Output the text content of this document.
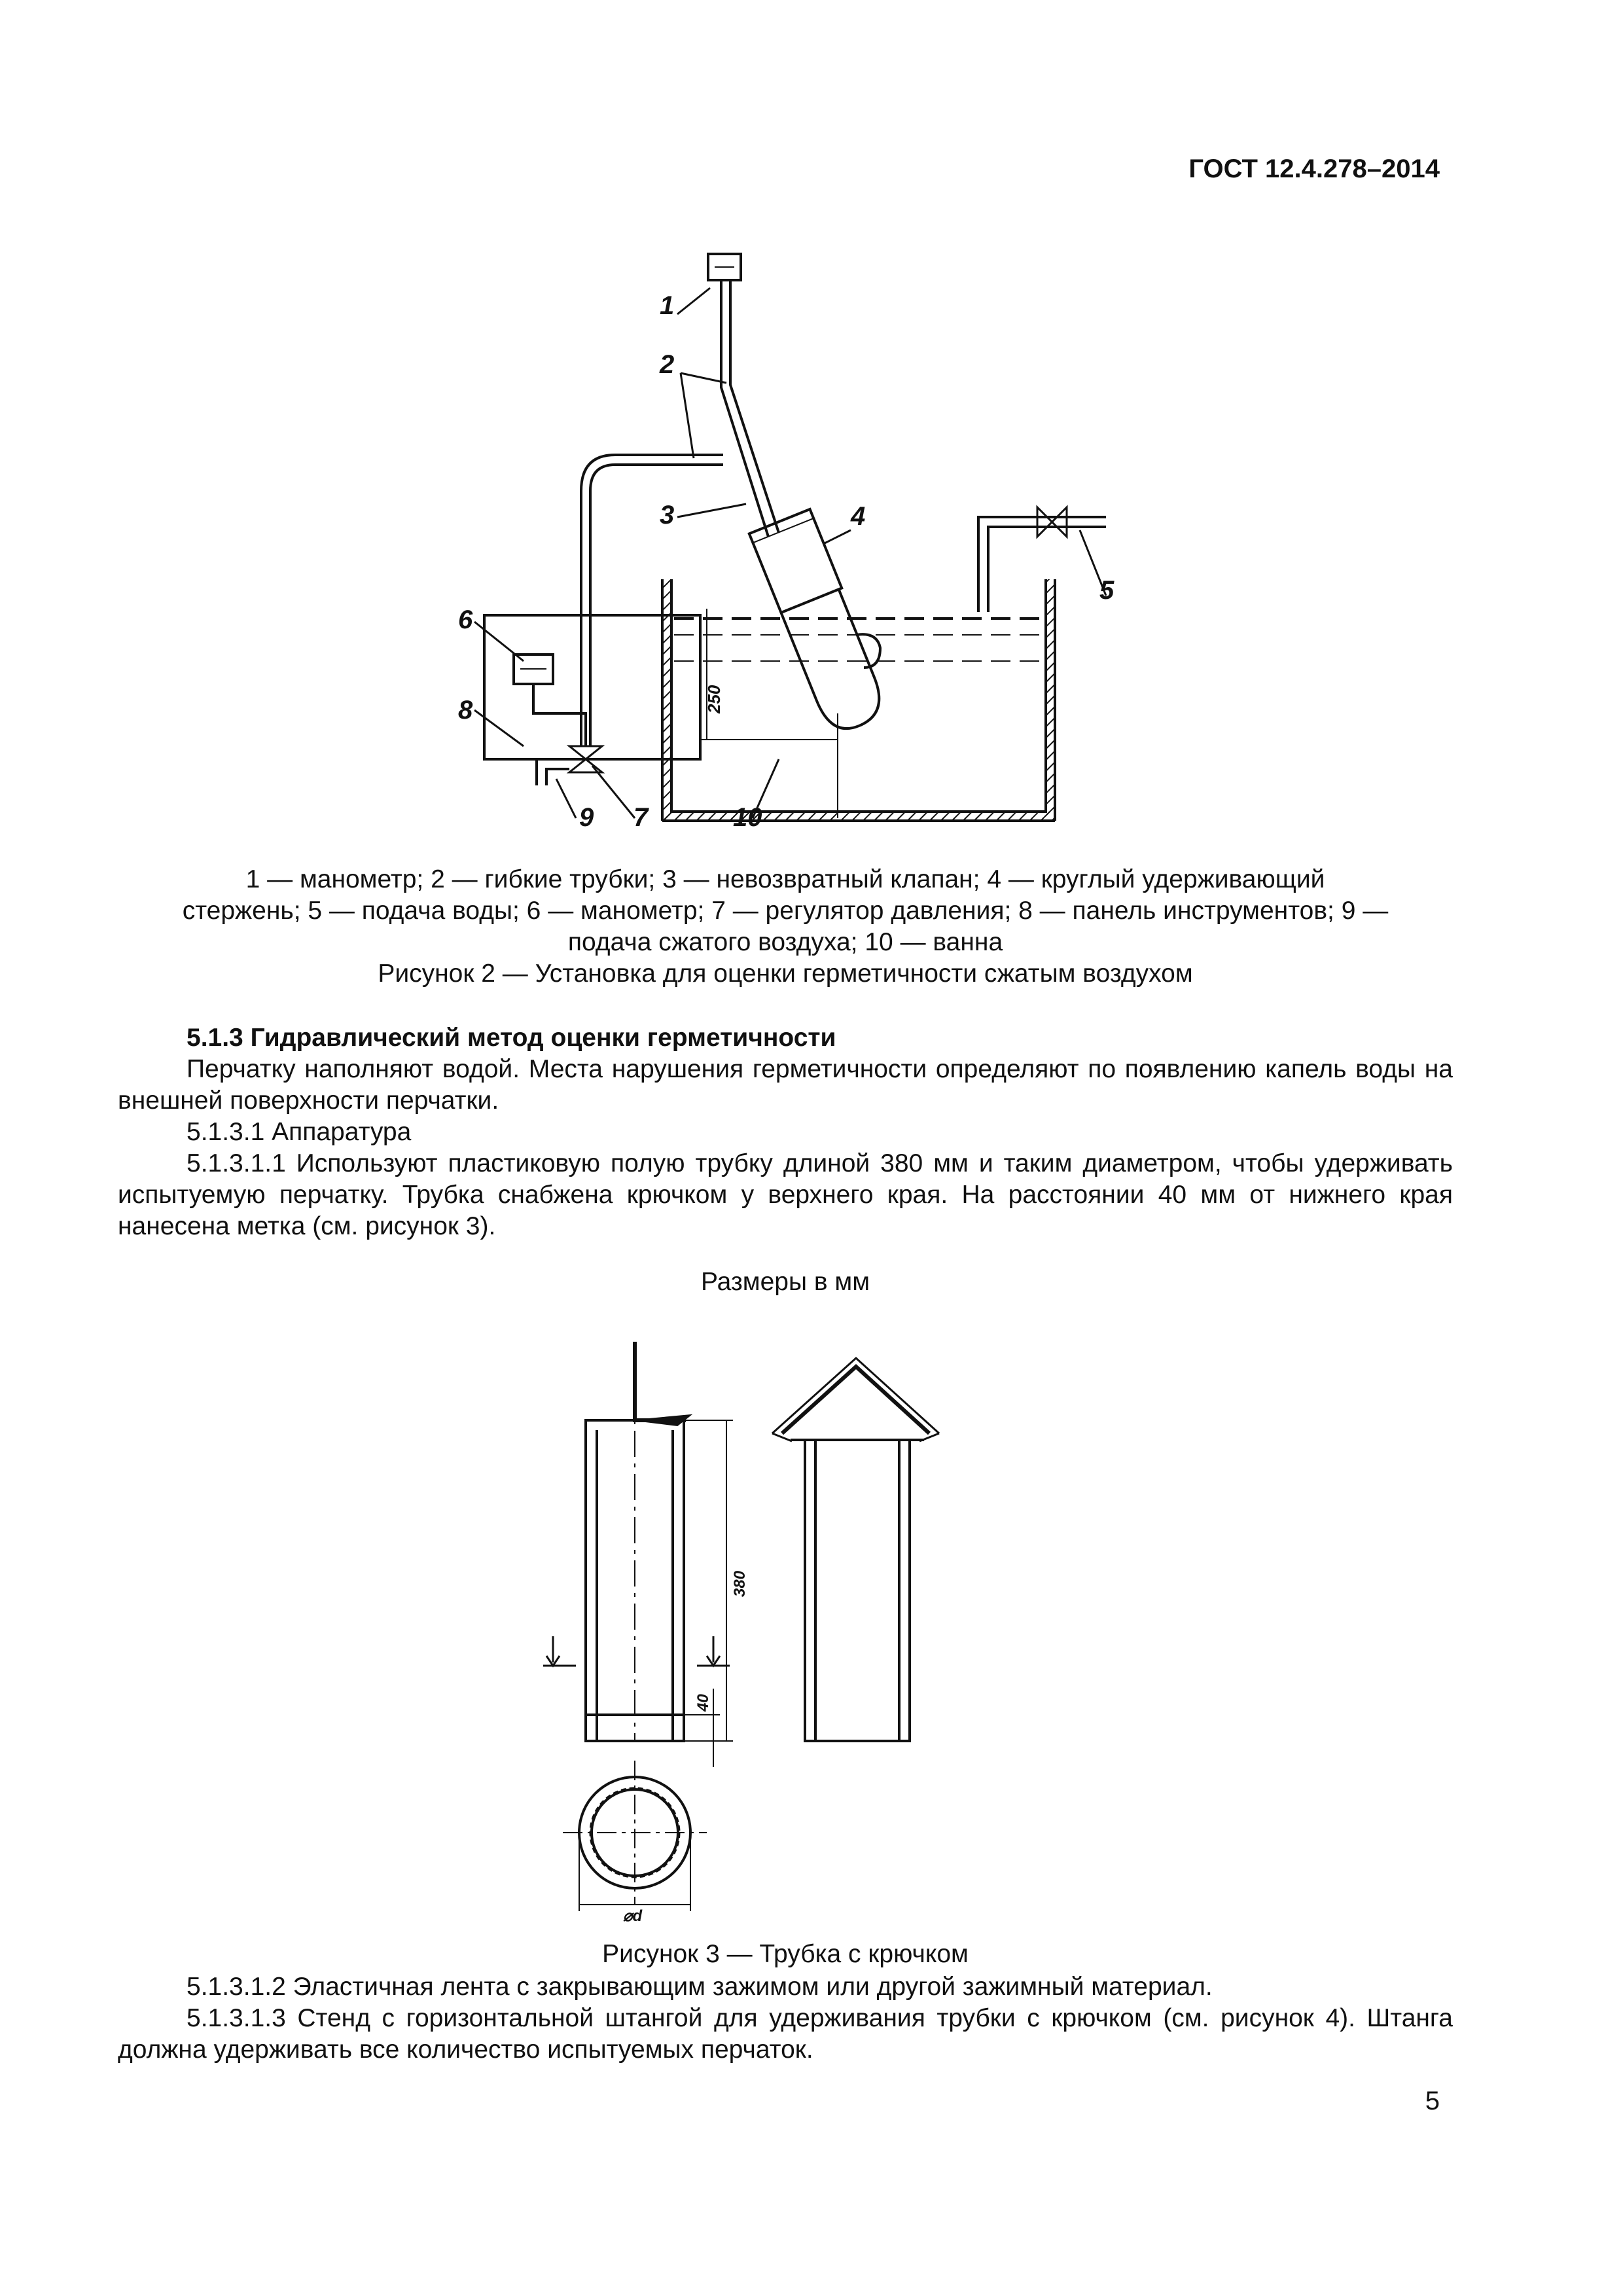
ГОСТ 12.4.278–2014
1
2
3	4
5
6
8
9 7	10
250
1 — манометр; 2 — гибкие трубки; 3 — невозвратный клапан; 4 — круглый удерживающий
стержень; 5 — подача воды; 6 — манометр; 7 — регулятор давления; 8 — панель инструментов; 9 —
подача сжатого воздуха; 10 — ванна
Рисунок 2 — Установка для оценки герметичности сжатым воздухом
5.1.3 Гидравлический метод оценки герметичности
Перчатку наполняют водой. Места нарушения герметичности определяют по появлению капель воды на внешней поверхности перчатки.
5.1.3.1 Аппаратура
5.1.3.1.1 Используют пластиковую полую трубку длиной 380 мм и таким диаметром, чтобы удерживать испытуемую перчатку. Трубка снабжена крючком у верхнего края. На расстоянии 40 мм от нижнего края нанесена метка (см. рисунок 3).
Размеры в мм
380
40
⌀d
Рисунок 3 — Трубка с крючком
5.1.3.1.2 Эластичная лента с закрывающим зажимом или другой зажимный материал.
5.1.3.1.3 Стенд с горизонтальной штангой для удерживания трубки с крючком (см. рисунок 4). Штанга должна удерживать все количество испытуемых перчаток.
5
